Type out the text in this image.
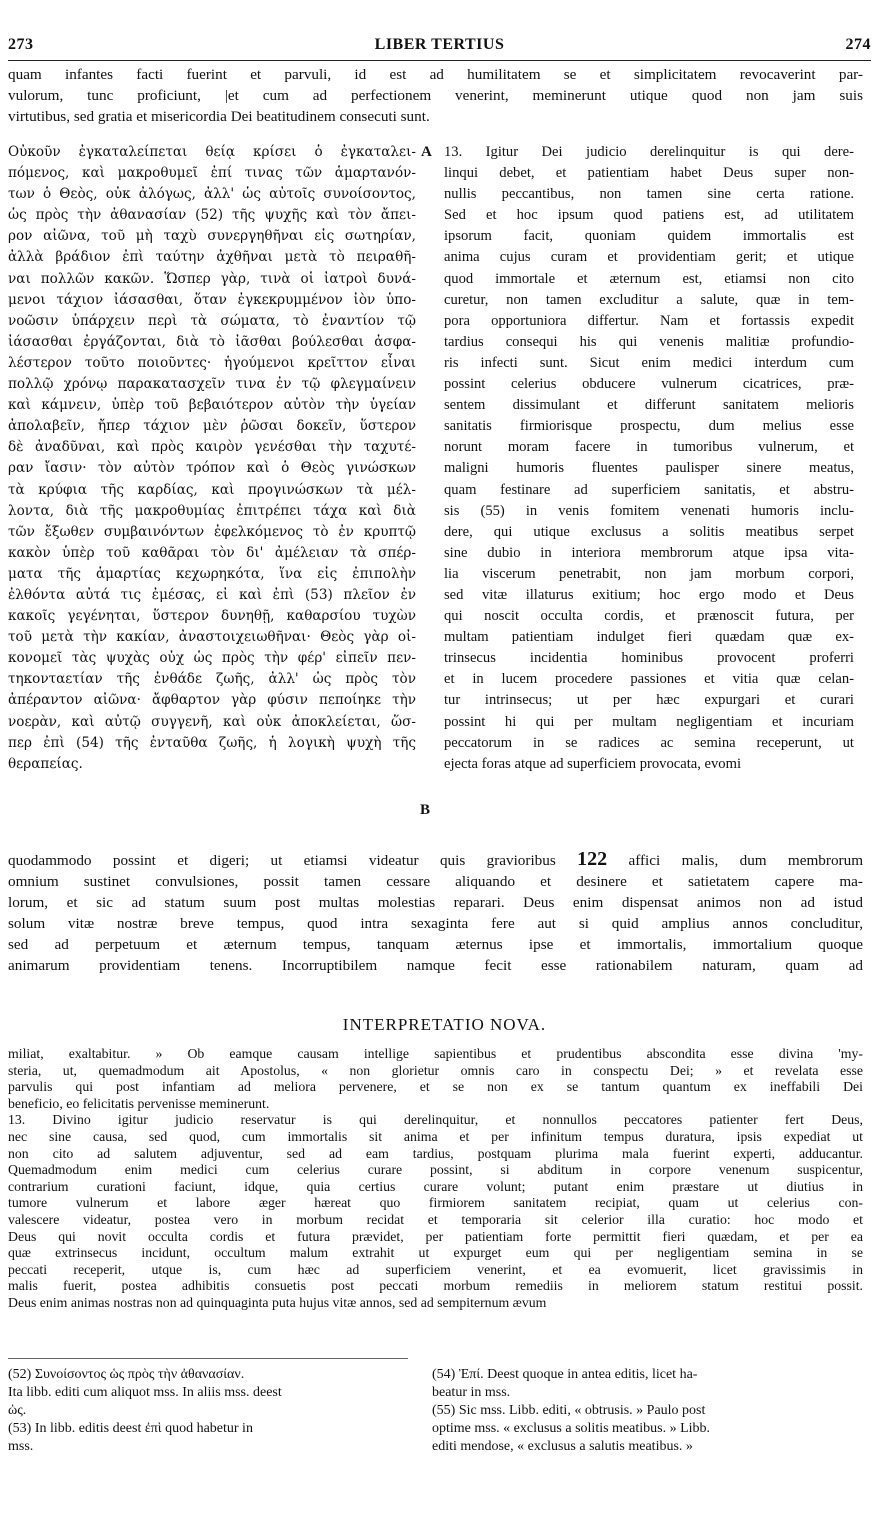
273	LIBER TERTIUS	274
quam infantes facti fuerint et parvuli, id est ad humilitatem se et simplicitatem revocaverint par-
vulorum, tunc proficiunt, |et cum ad perfectionem venerint, meminerunt utique quod non jam suis
virtutibus, sed gratia et misericordia Dei beatitudinem consecuti sunt.
Οὐκοῦν ἐγκαταλείπεται θείᾳ κρίσει ὁ ἐγκαταλει-
πόμενος, καὶ μακροθυμεῖ ἐπί τινας τῶν ἁμαρτανόν-
των ὁ Θεὸς, οὐκ ἀλόγως, ἀλλ' ὡς αὐτοῖς συνοίσοντος,
ὡς πρὸς τὴν ἀθανασίαν (52) τῆς ψυχῆς καὶ τὸν ἄπει-
ρον αἰῶνα, τοῦ μὴ ταχὺ συνεργηθῆναι εἰς σωτηρίαν,
ἀλλὰ βράδιον ἐπὶ ταύτην ἀχθῆναι μετὰ τὸ πειραθῆ-
ναι πολλῶν κακῶν. Ὥσπερ γὰρ, τινὰ οἱ ἰατροὶ δυνά-
μενοι τάχιον ἰάσασθαι, ὅταν ἐγκεκρυμμένον ἰὸν ὑπο-
νοῶσιν ὑπάρχειν περὶ τὰ σώματα, τὸ ἐναντίον τῷ
ἰάσασθαι ἐργάζονται, διὰ τὸ ἰᾶσθαι βούλεσθαι ἀσφα-
λέστερον τοῦτο ποιοῦντες· ἡγούμενοι κρεῖττον εἶναι
πολλῷ χρόνῳ παρακατασχεῖν τινα ἐν τῷ φλεγμαίνειν
καὶ κάμνειν, ὑπὲρ τοῦ βεβαιότερον αὐτὸν τὴν ὑγείαν
ἀπολαβεῖν, ἤπερ τάχιον μὲν ῥῶσαι δοκεῖν, ὕστερον
δὲ ἀναδῦναι, καὶ πρὸς καιρὸν γενέσθαι τὴν ταχυτέ-
ραν ἴασιν· τὸν αὐτὸν τρόπον καὶ ὁ Θεὸς γινώσκων
τὰ κρύφια τῆς καρδίας, καὶ προγινώσκων τὰ μέλ-
λοντα, διὰ τῆς μακροθυμίας ἐπιτρέπει τάχα καὶ διὰ
τῶν ἔξωθεν συμβαινόντων ἐφελκόμενος τὸ ἐν κρυπτῷ
κακὸν ὑπὲρ τοῦ καθᾶραι τὸν δι' ἀμέλειαν τὰ σπέρ-
ματα τῆς ἁμαρτίας κεχωρηκότα, ἵνα εἰς ἐπιπολὴν
ἐλθόντα αὐτά τις ἐμέσας, εἰ καὶ ἐπὶ (53) πλεῖον ἐν
κακοῖς γεγένηται, ὕστερον δυνηθῇ, καθαρσίου τυχὼν
τοῦ μετὰ τὴν κακίαν, ἀναστοιχειωθῆναι· Θεὸς γὰρ οἰ-
κονομεῖ τὰς ψυχὰς οὐχ ὡς πρὸς τὴν φέρ' εἰπεῖν πεν-
τηκονταετίαν τῆς ἐνθάδε ζωῆς, ἀλλ' ὡς πρὸς τὸν
ἀπέραντον αἰῶνα· ἄφθαρτον γὰρ φύσιν πεποίηκε τὴν
νοερὰν, καὶ αὐτῷ συγγενῆ, καὶ οὐκ ἀποκλείεται, ὥσ-
περ ἐπὶ (54) τῆς ἐνταῦθα ζωῆς, ἡ λογικὴ ψυχὴ τῆς
θεραπείας.
A
B
13. Igitur Dei judicio derelinquitur is qui dere-
linqui debet, et patientiam habet Deus super non-
nullis peccantibus, non tamen sine certa ratione.
Sed et hoc ipsum quod patiens est, ad utilitatem
ipsorum facit, quoniam quidem immortalis est
anima cujus curam et providentiam gerit; et utique
quod immortale et æternum est, etiamsi non cito
curetur, non tamen excluditur a salute, quæ in tem-
pora opportuniora differtur. Nam et fortassis expedit
tardius consequi his qui venenis malitiæ profundio-
ris infecti sunt. Sicut enim medici interdum cum
possint celerius obducere vulnerum cicatrices, præ-
sentem dissimulant et differunt sanitatem melioris
sanitatis firmiorisque prospectu, dum melius esse
norunt moram facere in tumoribus vulnerum, et
maligni humoris fluentes paulisper sinere meatus,
quam festinare ad superficiem sanitatis, et abstru-
sis (55) in venis fomitem venenati humoris inclu-
dere, qui utique exclusus a solitis meatibus serpet
sine dubio in interiora membrorum atque ipsa vita-
lia viscerum penetrabit, non jam morbum corpori,
sed vitæ illaturus exitium; hoc ergo modo et Deus
qui noscit occulta cordis, et prænoscit futura, per
multam patientiam indulget fieri quædam quæ ex-
trinsecus incidentia hominibus provocent proferri
et in lucem procedere passiones et vitia quæ celan-
tur intrinsecus; ut per hæc expurgari et curari
possint hi qui per multam negligentiam et incuriam
peccatorum in se radices ac semina receperunt, ut
ejecta foras atque ad superficiem provocata, evomi
quodammodo possint et digeri; ut etiamsi videatur quis gravioribus 122 affici malis, dum membrorum
omnium sustinet convulsiones, possit tamen cessare aliquando et desinere et satietatem capere ma-
lorum, et sic ad statum suum post multas molestias reparari. Deus enim dispensat animos non ad istud
solum vitæ nostræ breve tempus, quod intra sexaginta fere aut si quid amplius annos concluditur,
sed ad perpetuum et æternum tempus, tanquam æternus ipse et immortalis, immortalium quoque
animarum providentiam tenens. Incorruptibilem namque fecit esse rationabilem naturam, quam ad
INTERPRETATIO NOVA.
miliat, exaltabitur. » Ob eamque causam intellige sapientibus et prudentibus abscondita esse divina 'my-
steria, ut, quemadmodum ait Apostolus, « non glorietur omnis caro in conspectu Dei; » et revelata esse
parvulis qui post infantiam ad meliora pervenere, et se non ex se tantum quantum ex ineffabili Dei
beneficio, eo felicitatis pervenisse meminerunt.
13. Divino igitur judicio reservatur is qui derelinquitur, et nonnullos peccatores patienter fert Deus,
nec sine causa, sed quod, cum immortalis sit anima et per infinitum tempus duratura, ipsis expediat ut
non cito ad salutem adjuventur, sed ad eam tardius, postquam plurima mala fuerint experti, adducantur.
Quemadmodum enim medici cum celerius curare possint, si abditum in corpore venenum suspicentur,
contrarium curationi faciunt, idque, quia certius curare volunt; putant enim præstare ut diutius in
tumore vulnerum et labore æger hæreat quo firmiorem sanitatem recipiat, quam ut celerius con-
valescere videatur, postea vero in morbum recidat et temporaria sit celerior illa curatio: hoc modo et
Deus qui novit occulta cordis et futura prævidet, per patientiam forte permittit fieri quædam, et per ea
quæ extrinsecus incidunt, occultum malum extrahit ut expurget eum qui per negligentiam semina in se
peccati receperit, utque is, cum hæc ad superficiem venerint, et ea evomuerit, licet gravissimis in
malis fuerit, postea adhibitis consuetis post peccati morbum remediis in meliorem statum restitui possit.
Deus enim animas nostras non ad quinquaginta puta hujus vitæ annos, sed ad sempiternum ævum
(52) Συνοίσοντος ὡς πρὸς τὴν ἀθανασίαν.
Ita libb. editi cum aliquot mss. In aliis mss. deest
ὡς.
(53) In libb. editis deest ἐπὶ quod habetur in
mss.
(54) Ἐπί. Deest quoque in antea editis, licet ha-
beatur in mss.
(55) Sic mss. Libb. editi, « obtrusis. » Paulo post
optime mss. « exclusus a solitis meatibus. » Libb.
editi mendose, « exclusus a salutis meatibus. »
